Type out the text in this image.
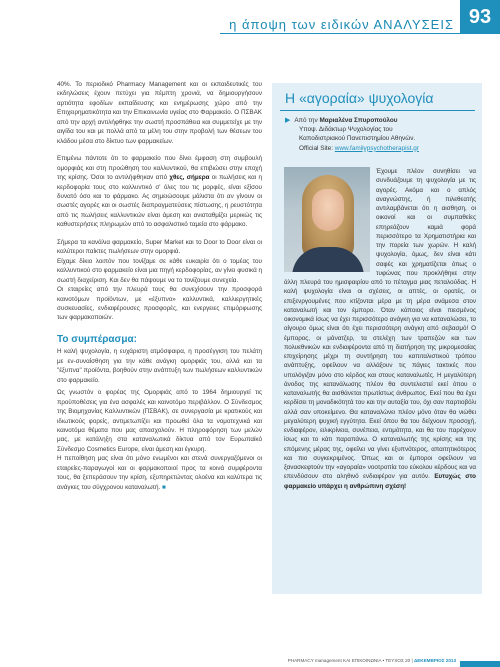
η άποψη των ειδικών ΑΝΑΛΥΣΕΙΣ 93

40%. Το περιοδικό Pharmacy Management και οι εκπαιδευτικές του εκδηλώσεις έχουν πετύχει για πέμπτη χρονιά, να δημιουργήσουν αρτιότητα εφοδίων εκπαίδευσης και ενημέρωσης χώρο από την Επιχειρηματικότητα και την Επικοινωνία υγείας στο Φαρμακείο. Ο ΠΣΒΑΚ από την αρχή αντιλήφθηκε την σωστή προσπάθεια και συμμετείχε με την αιγίδα του και με πολλά από τα μέλη του στην προβολή των θέσεων του κλάδου μέσα στο δίκτυο των φαρμακείων.

Επιμένω πάντοτε ότι το φαρμακείο που δίνει έμφαση στη συμβουλή ομορφιάς και στη προώθηση του καλλυντικού, θα επιβιώσει στην εποχή της κρίσης. Όσοι το αντιλήφθηκαν από χθες, σήμερα οι πωλήσεις και η κερδοφορία τους στο καλλυντικό σ' όλες του τις μορφές, είναι εξίσου δυνατό όσο και το φάρμακο. Ας σημειώσουμε μάλιστα ότι αν γίνουν οι σωστές αγορές και οι σωστές διαπραγματεύσεις πίστωσης, η ρευστότητα από τις πωλήσεις καλλυντικών είναι άμεση και ανισταθμίζει μερικώς τις καθυστερήσεις πληρωμών από το ασφαλιστικό ταμεία στο φάρμακο.

Σήμερα τα κανάλια φαρμακείο, Super Market και το Door to Door είναι οι καλύτεροι παίκτες πωλήσεων στην ομορφιά.

Είχαμε δίκιο λοιπόν που τονίζαμε σε κάθε ευκαιρία ότι ο τομέας του καλλυντικού στο φαρμακείο είναι μια πηγή κερδοφορίας, αν γίνει φυσικά η σωστή διαχείριση. Και δεν θα πάψουμε να το τονίζουμε συνεχεία.

Οι εταιρείες από την πλευρά τους θα συνεχίσουν την προσφορά καινοτόμων προϊόντων, με «έξυπνο» καλλυντικά, καλλιεργητικές συσκευασίες, ενδιαφέρουσες προσφορές, και ενεργειες επιμόρφωσης των φαρμακοποιών.

Το συμπέρασμα:

Η καλή ψυχολογία, η ευχάριστη ατμόσφαιρα, η προσέγγιση του πελάτη με εν-συναίσθηση για την κάθε ανάγκη ομορφιάς του, αλλά και τα "έξυπνα" προϊόντα, βοηθούν στην ανάπτυξη των πωλήσεων καλλυντικών στο φαρμακείο.

Ως γνωστόν ο φορέας της Ομορφιάς από το 1964 δημιουργεί τις προϋποθέσεις για ένα ασφαλές και καινοτόμο περιβάλλον. Ο Σύνδεσμος της Βιομηχανίας Καλλυντικών (ΠΣΒΑΚ), σε συνεργασία με κρατικούς και ιδιωτικούς φορείς, αντιμετωπίζει και προωθεί όλα τα νομοτεχνικά και καινοτόμα θέματα που μας απασχολούν. Η πληροφόρηση των μελών μας, με κατάληξη στα καταναλωτικά δίκτυα από τον Ευρωπαϊκό Σύνδεσμο Cosmetics Europe, είναι άμεση και έγκυρη.

Η πεποίθηση μας είναι ότι μόνο ενωμένοι και στενά συνεργαζόμενοι οι εταιρείες-παραγωγοί και οι φαρμακοποιοί προς τα κοινά συμφέροντα τους, θα ξεπεράσουν την κρίση, εξυπηρετώντας ολοένα και καλύτερα τις ανάγκες του σύγχρονου καταναλωτή. ■

Η «αγοραία» ψυχολογία
▶ Από την Μαριαλένα Σπυροπούλου
Υποψ. Διδάκτωρ Ψυχολογίας του
Καποδιστριακού Πανεπιστημίου Αθηνών.
Official Site: www.familypsychotherapist.gr
Έχουμε πλέον συνηθίσει να συνδυάζουμε τη ψυχολογία με τις αγορές. Ακόμα και ο απλός αναγνώστης, ή πιλεθεατής αντιλαμβάνεται ότι η αισθηση, οι οικονοί και οι συμπαθείες επηρεάζουν καμιά φορά περισσότερο τα Χρηματιστήρια και την πορεία των χωρών. Η καλή ψυχολογία, όμως, δεν είναι κάτι σαφές και χρηματίζεται όπως ο τυφώνας που προκλήθηκε στην άλλη πλευρά του ημισφαιρίου από το πέταγμα μιας πεταλούδας. Η καλή ψυχολογία είναι οι σχέσεις, οι απτές, οι ορατές, οι επιξενργουμένες που κτίζονται μέρα με τη μέρα ανάμεσα στον καταναλωτή και τον έμπορο. Όταν κάποιος είναι πιεσμένος οικονομικά ίσως να έχει περισσότερο ανάγκη για να καταναλώσει, το αίγουρο όμως είναι ότι έχει περισσότερη ανάγκη από σεβασμό! Ο έμπορος, οι μάνατζερ, τα στελέχη των τραπεζών και των πολυεθνικών και ενδιαφέροντα από τη διατήρηση της μικρομεσαίας επιχείρησης μέχρι τη συντήρηση του καπιταλιστικού τρόπου ανάπτυξης, οφείλουν να αλλάξουν τις πάγιες τακτικές που υπολόγιζαν μόνο στο κέρδος και στους καταναλωτές. Η μεγαλύτερη άνοδος της κατανάλωσης πλέον θα συντελεστεί εκεί όπου ο καταναλωτής θα αισθάνεται πρωτίστως άνθρωπος. Εκεί που θα έχει κερδίσει τη μοναδικότητά του και την αυταξία του, όχι σαν παρτιοβόλι αλλά σαν υποκείμενο. Θα καταναλώνει πλέον μόνο όταν θα νιώθει μεγαλύτερη ψυχική εγγύτητα. Εκεί όπου θα του δείχνουν προσοχή, ενδιαφέρον, ειλικρίνεια, συνέπεια, εντιμότητα, και θα του παρέχουν ίσως και το κάτι παραπάνω. Ο καταναλωτής της κρίσης και της επόμενης μέρας της, οφείλει να γίνει εξυπνότερος, απαιτητικότερος και πιο συγκεκριμένος. Όπως και οι έμποροι οφείλουν να ξανασκεφτούν την «αγοραία» νοοτροπία του εύκολου κέρδους και να επενδύσουν στο αληθινό ενδιαφέρον για αυτόν. Ευτυχώς στο φαρμακείο υπάρχει η ανθρώπινη σχέση!
PHARMACY management ΚΑΙ ΕΠΙΚΟΙΝΩΝΙΑ • ΤΕΥΧΟΣ 20 | ΔΕΚΕΜΒΡΙΟΣ 2013
